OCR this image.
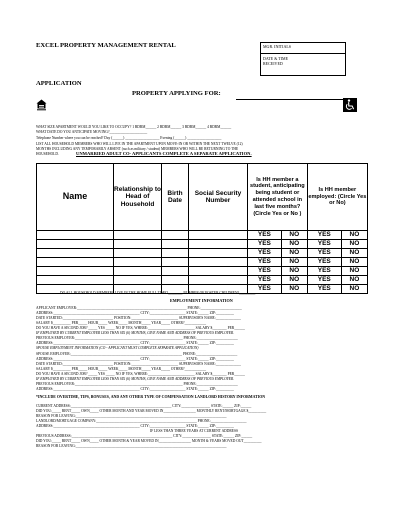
EXCEL PROPERTY MANAGEMENT RENTAL	MGR. INITIALS
DATE & TIME RECEIVED
APPLICATION
PROPERTY APPLYING FOR:
WHAT SIZE APARTMENT WOULD YOU LIKE TO OCCUPY? 1 BDRM______ 2 BDRM______ 3 BDRM______ 4 BDRM______
WHAT DATE DO YOU ANTICIPATE MOVING?_____________________
Telephone Number where you can be reached? Day (______) ___________________ Evening (______) ___________________
LIST ALL HOUSEHOLD MEMBERS WHO WILL LIVE IN THE APARTMENT UPON MOVE-IN OR WITHIN THE NEXT TWELVE (12)
MONTHS INCLUDING ANY TEMPORARILY ABSENT (such as military / student) MEMBERS WHO WILL BE RETURNING TO THE
HOUSEHOLD.	UNMARRIED ADULT CO- APPLICANTS COMPLETE A SEPARATE APPLICATION.
Name	Relationship to Head of Household	Birth Date	Social Security Number	Is HH member a student, anticipating being student or attended school in last five months? (Circle Yes or No )		Is HH member employed: (Circle Yes or No)	
				YES	NO	YES	NO
				YES	NO	YES	NO
				YES	NO	YES	NO
				YES	NO	YES	NO
				YES	NO	YES	NO
				YES	NO	YES	NO
				YES	NO	YES	NO
DO ALL HOUSEHOLD MEMBERS LIVE IN THE HOME FULL TIME?________ NUMBER OF FOSTER CHILDREN?_________
EMPLOYMENT INFORMATION
APPLICANT EMPLOYER:_____________________________________________________________ PHONE:_______________________
ADDRESS:________________________________________________ CITY:____________________ STATE:______ ZIP:__________
DATE STARTED:____________________________ POSITION:__________________________ SUPERVISOR'S NAME:______________
SALARY $__________ PER_____ HOUR_____ WEEK_____ MONTH_____ YEAR_____ OTHER?____________
DO YOU HAVE A SECOND JOB? _____ YES _____ NO IF YES, WHERE:__________________________ SALARY $________ PER______
IF EMPLOYED BY CURRENT EMPLOYER LESS THAN SIX (6) MONTHS, GIVE NAME AND ADDRESS OF PREVIOUS EMPLOYER.
PREVIOUS EMPLOYER:____________________________________________________________ PHONE:_______________________
ADDRESS:________________________________________________ CITY:____________________ STATE:______ ZIP:__________
SPOUSE EMPLOYMENT INFORMATION (CO - APPLICANT MUST COMPLETE SEPARATE APPLICATION)
SPOUSE EMPLOYER:______________________________________________________________ PHONE:_______________________
ADDRESS:________________________________________________ CITY:____________________ STATE:______ ZIP:__________
DATE STARTED:____________________________ POSITION:__________________________ SUPERVISOR'S NAME:______________
SALARY $__________ PER_____ HOUR_____ WEEK_____ MONTH_____ YEAR_____ OTHER?____________
DO YOU HAVE A SECOND JOB? _____ YES _____ NO IF YES, WHERE:__________________________ SALARY $________ PER______
IF EMPLOYED BY CURRENT EMPLOYER LESS THAN SIX (6) MONTHS, GIVE NAME AND ADDRESS OF PREVIOUS EMPLOYER.
PREVIOUS EMPLOYER:____________________________________________________________ PHONE:_______________________
ADDRESS:________________________________________________ CITY:____________________ STATE:______ ZIP:__________
*INCLUDE OVERTIME, TIPS, BONUSES, AND ANY OTHER TYPE OF COMPENSATION LANDLORD HISTORY INFORMATION
CURRENT ADDRESS:________________________________________________________ CITY:________________ STATE:______ ZIP:______
DID YOU:_____ RENT_____ OWN_____ OTHER MONTH AND YEAR MOVED IN__________________ MONTHLY RENT/MORTGAGE $__________
REASON FOR LEAVING:____________________________________________________________________________________
LANDLORD/MORTGAGE COMPANY:________________________________________________________ PHONE:____________________
ADDRESS:________________________________________________ CITY:____________________ STATE:______ ZIP:__________
IF LESS THAN THREE YEARS AT CURRENT ADDRESS
PREVIOUS ADDRESS:________________________________________________________ CITY:________________ STATE:______ ZIP:______
DID YOU:_____ RENT_____ OWN_____ OTHER MONTH & YEAR MOVED IN__________________ MONTH & YEARS MOVED OUT__________
REASON FOR LEAVING:____________________________________________________________________________________
